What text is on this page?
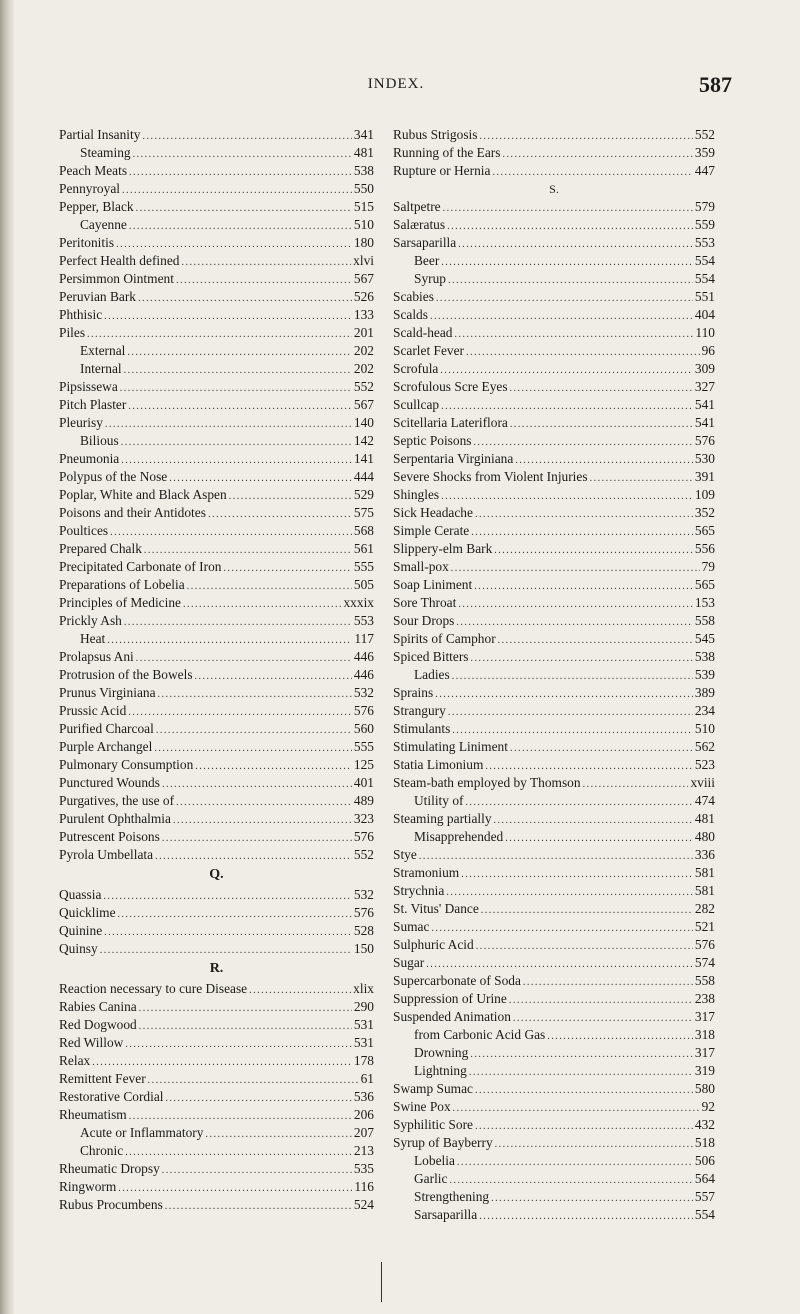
INDEX.	587
Partial Insanity .....	341
Steaming .....	481
Peach Meats .....	538
Pennyroyal .....	550
Pepper, Black .....	515
Cayenne .....	510
Peritonitis .....	180
Perfect Health defined .....	xlvi
Persimmon Ointment .....	567
Peruvian Bark .....	526
Phthisic .....	133
Piles .....	201
External .....	202
Internal .....	202
Pipsissewa .....	552
Pitch Plaster .....	567
Pleurisy .....	140
Bilious .....	142
Pneumonia .....	141
Polypus of the Nose .....	444
Poplar, White and Black Aspen .....	529
Poisons and their Antidotes .....	575
Poultices .....	568
Prepared Chalk .....	561
Precipitated Carbonate of Iron .....	555
Preparations of Lobelia .....	505
Principles of Medicine .....	xxxix
Prickly Ash .....	553
Heat .....	117
Prolapsus Ani .....	446
Protrusion of the Bowels .....	446
Prunus Virginiana .....	532
Prussic Acid .....	576
Purified Charcoal .....	560
Purple Archangel .....	555
Pulmonary Consumption .....	125
Punctured Wounds .....	401
Purgatives, the use of .....	489
Purulent Ophthalmia .....	323
Putrescent Poisons .....	576
Pyrola Umbellata .....	552
Q.
Quassia .....	532
Quicklime .....	576
Quinine .....	528
Quinsy .....	150
R.
Reaction necessary to cure Disease .....	xlix
Rabies Canina .....	290
Red Dogwood .....	531
Red Willow .....	531
Relax .....	178
Remittent Fever .....	61
Restorative Cordial .....	536
Rheumatism .....	206
Acute or Inflammatory .....	207
Chronic .....	213
Rheumatic Dropsy .....	535
Ringworm .....	116
Rubus Procumbens .....	524
Rubus Strigosis .....	552
Running of the Ears .....	359
Rupture or Hernia .....	447
S.
Saltpetre .....	579
Salæratus .....	559
Sarsaparilla .....	553
Beer .....	554
Syrup .....	554
Scabies .....	551
Scalds .....	404
Scald-head .....	110
Scarlet Fever .....	96
Scrofula .....	309
Scrofulous Scre Eyes .....	327
Scullcap .....	541
Scitellaria Lateriflora .....	541
Septic Poisons .....	576
Serpentaria Virginiana .....	530
Severe Shocks from Violent Injuries .....	391
Shingles .....	109
Sick Headache .....	352
Simple Cerate .....	565
Slippery-elm Bark .....	556
Small-pox .....	79
Soap Liniment .....	565
Sore Throat .....	153
Sour Drops .....	558
Spirits of Camphor .....	545
Spiced Bitters .....	538
Ladies .....	539
Sprains .....	389
Strangury .....	234
Stimulants .....	510
Stimulating Liniment .....	562
Statia Limonium .....	523
Steam-bath employed by Thomson .....	xviii
Utility of .....	474
Steaming partially .....	481
Misapprehended .....	480
Stye .....	336
Stramonium .....	581
Strychnia .....	581
St. Vitus' Dance .....	282
Sumac .....	521
Sulphuric Acid .....	576
Sugar .....	574
Supercarbonate of Soda .....	558
Suppression of Urine .....	238
Suspended Animation .....	317
from Carbonic Acid Gas .....	318
Drowning .....	317
Lightning .....	319
Swamp Sumac .....	580
Swine Pox .....	92
Syphilitic Sore .....	432
Syrup of Bayberry .....	518
Lobelia .....	506
Garlic .....	564
Strengthening .....	557
Sarsaparilla .....	554
